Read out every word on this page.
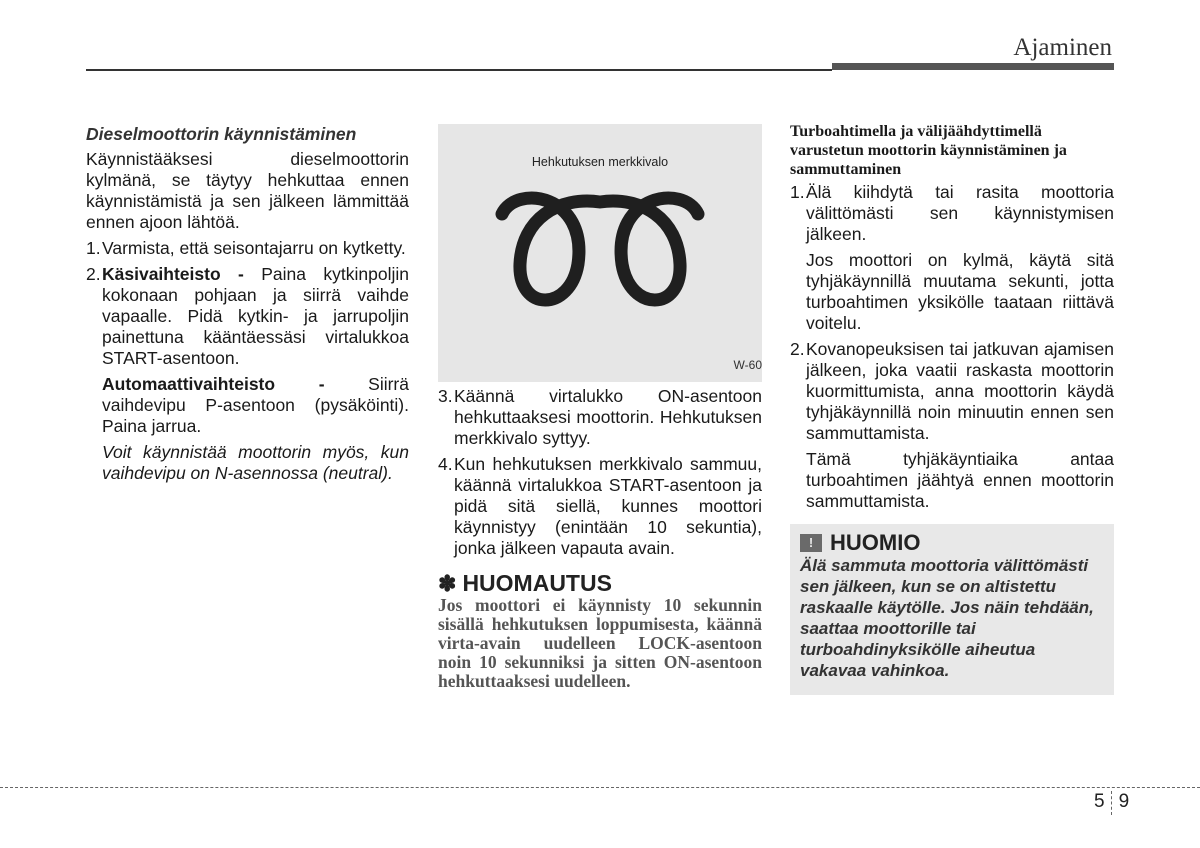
Ajaminen

Dieselmoottorin käynnistäminen

Käynnistääksesi dieselmoottorin kylmänä, se täytyy hehkuttaa ennen käynnistämistä ja sen jälkeen lämmittää ennen ajoon lähtöä.

1. Varmista, että seisontajarru on kytketty.
2. Käsivaihteisto - Paina kytkinpoljin kokonaan pohjaan ja siirrä vaihde vapaalle. Pidä kytkin- ja jarrupoljin painettuna kääntäessäsi virtalukkoa START-asentoon.
Automaattivaihteisto - Siirrä vaihdevipu P-asentoon (pysäköinti). Paina jarrua.
Voit käynnistää moottorin myös, kun vaihdevipu on N-asennossa (neutral).
Hehkutuksen merkkivalo
W-60
3. Käännä virtalukko ON-asentoon hehkuttaaksesi moottorin. Hehkutuksen merkkivalo syttyy.
4. Kun hehkutuksen merkkivalo sammuu, käännä virtalukkoa START-asentoon ja pidä sitä siellä, kunnes moottori käynnistyy (enintään 10 sekuntia), jonka jälkeen vapauta avain.
✽ HUOMAUTUS
Jos moottori ei käynnisty 10 sekunnin sisällä hehkutuksen loppumisesta, käännä virta-avain uudelleen LOCK-asentoon noin 10 sekunniksi ja sitten ON-asentoon hehkuttaaksesi uudelleen.
Turboahtimella ja välijäähdyttimellä varustetun moottorin käynnistäminen ja sammuttaminen
1. Älä kiihdytä tai rasita moottoria välittömästi sen käynnistymisen jälkeen.
Jos moottori on kylmä, käytä sitä tyhjäkäynnillä muutama sekunti, jotta turboahtimen yksikölle taataan riittävä voitelu.
2. Kovanopeuksisen tai jatkuvan ajamisen jälkeen, joka vaatii raskasta moottorin kuormittumista, anna moottorin käydä tyhjäkäynnillä noin minuutin ennen sen sammuttamista.
Tämä tyhjäkäyntiaika antaa turboahtimen jäähtyä ennen moottorin sammuttamista.
! HUOMIO
Älä sammuta moottoria välittömästi sen jälkeen, kun se on altistettu raskaalle käytölle. Jos näin tehdään, saattaa moottorille tai turboahdinyksikölle aiheutua vakavaa vahinkoa.
5 9
